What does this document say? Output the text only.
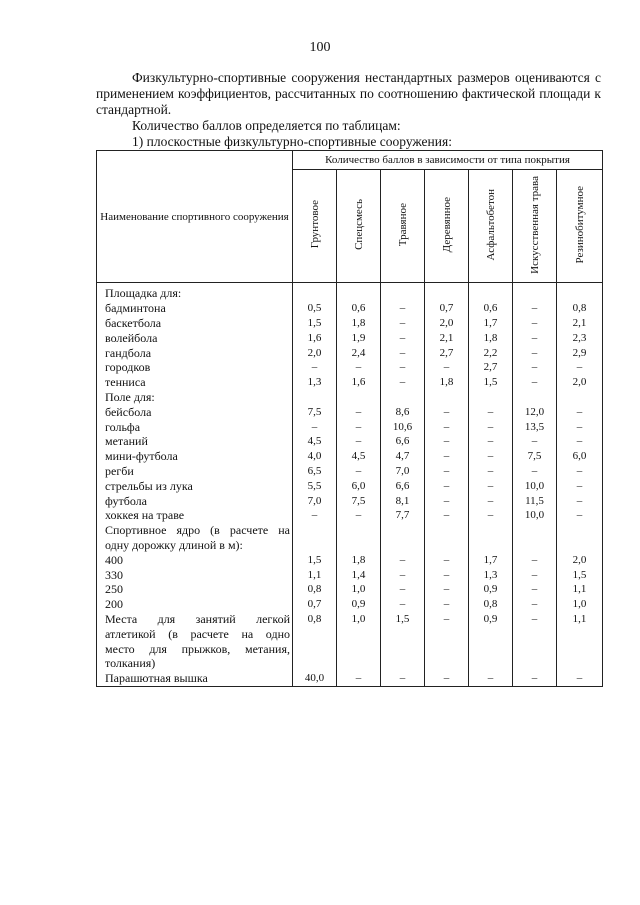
100
Физкультурно-спортивные сооружения нестандартных размеров оцениваются с применением коэффициентов, рассчитанных по соотношению фактической площади к стандартной.
Количество баллов определяется по таблицам:
1) плоскостные физкультурно-спортивные сооружения:
Наименование спортивного сооружения	Количество баллов в зависимости от типа покрытия						
	Грунтовое	Спецсмесь	Травяное	Деревянное	Асфальтобетон	Искусственная трава	Резинобитумное
Площадка для:							
бадминтона	0,5	0,6	–	0,7	0,6	–	0,8
баскетбола	1,5	1,8	–	2,0	1,7	–	2,1
волейбола	1,6	1,9	–	2,1	1,8	–	2,3
гандбола	2,0	2,4	–	2,7	2,2	–	2,9
городков	–	–	–	–	2,7	–	–
тенниса	1,3	1,6	–	1,8	1,5	–	2,0
Поле для:							
бейсбола	7,5	–	8,6	–	–	12,0	–
гольфа	–	–	10,6	–	–	13,5	–
метаний	4,5	–	6,6	–	–	–	–
мини-футбола	4,0	4,5	4,7	–	–	7,5	6,0
регби	6,5	–	7,0	–	–	–	–
стрельбы из лука	5,5	6,0	6,6	–	–	10,0	–
футбола	7,0	7,5	8,1	–	–	11,5	–
хоккея на траве	–	–	7,7	–	–	10,0	–
Спортивное ядро (в расчете на							
одну дорожку длиной в м):							
400	1,5	1,8	–	–	1,7	–	2,0
330	1,1	1,4	–	–	1,3	–	1,5
250	0,8	1,0	–	–	0,9	–	1,1
200	0,7	0,9	–	–	0,8	–	1,0
Места для занятий легкой	0,8	1,0	1,5	–	0,9	–	1,1
атлетикой (в расчете на одно							
место для прыжков, метания,							
толкания)							
Парашютная вышка	40,0	–	–	–	–	–	–
